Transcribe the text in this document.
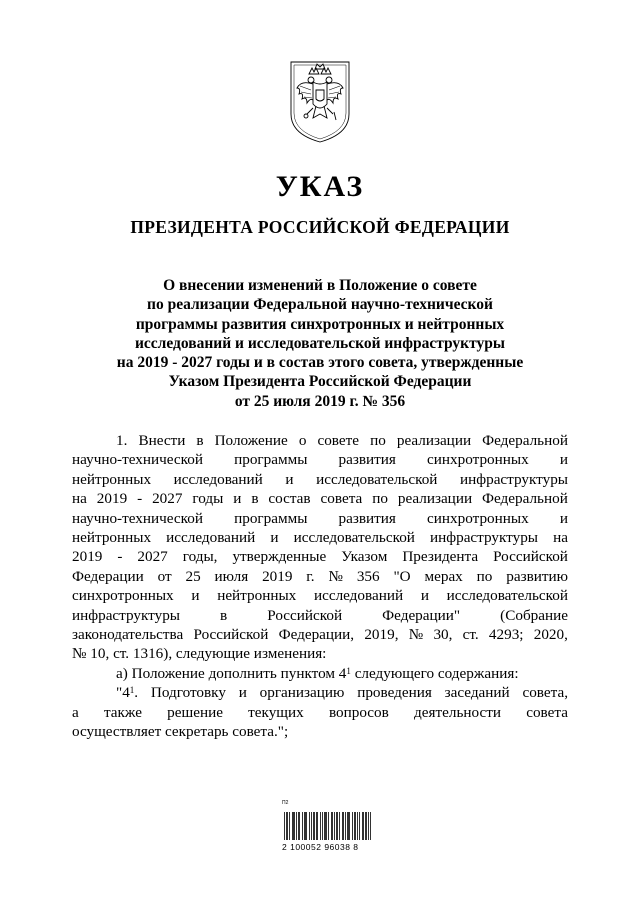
УКАЗ
ПРЕЗИДЕНТА РОССИЙСКОЙ ФЕДЕРАЦИИ
О внесении изменений в Положение о совете
по реализации Федеральной научно-технической
программы развития синхротронных и нейтронных
исследований и исследовательской инфраструктуры
на 2019 - 2027 годы и в состав этого совета, утвержденные
Указом Президента Российской Федерации
от 25 июля 2019 г. № 356
1. Внести в Положение о совете по реализации Федеральной
научно-технической программы развития синхротронных и
нейтронных исследований и исследовательской инфраструктуры
на 2019 - 2027 годы и в состав совета по реализации Федеральной
научно-технической программы развития синхротронных и
нейтронных исследований и исследовательской инфраструктуры на
2019 - 2027 годы, утвержденные Указом Президента Российской
Федерации от 25 июля 2019 г. № 356 "О мерах по развитию
синхротронных и нейтронных исследований и исследовательской
инфраструктуры	в	Российской	Федерации"	(Собрание
законодательства Российской Федерации, 2019, № 30, ст. 4293; 2020,
№ 10, ст. 1316), следующие изменения:
а) Положение дополнить пунктом $4^1$ следующего содержания:
"$4^1$ . Подготовку и организацию проведения заседаний совета,
а также решение текущих вопросов деятельности совета
осуществляет секретарь совета.";
П2
2 100052 96038 8
